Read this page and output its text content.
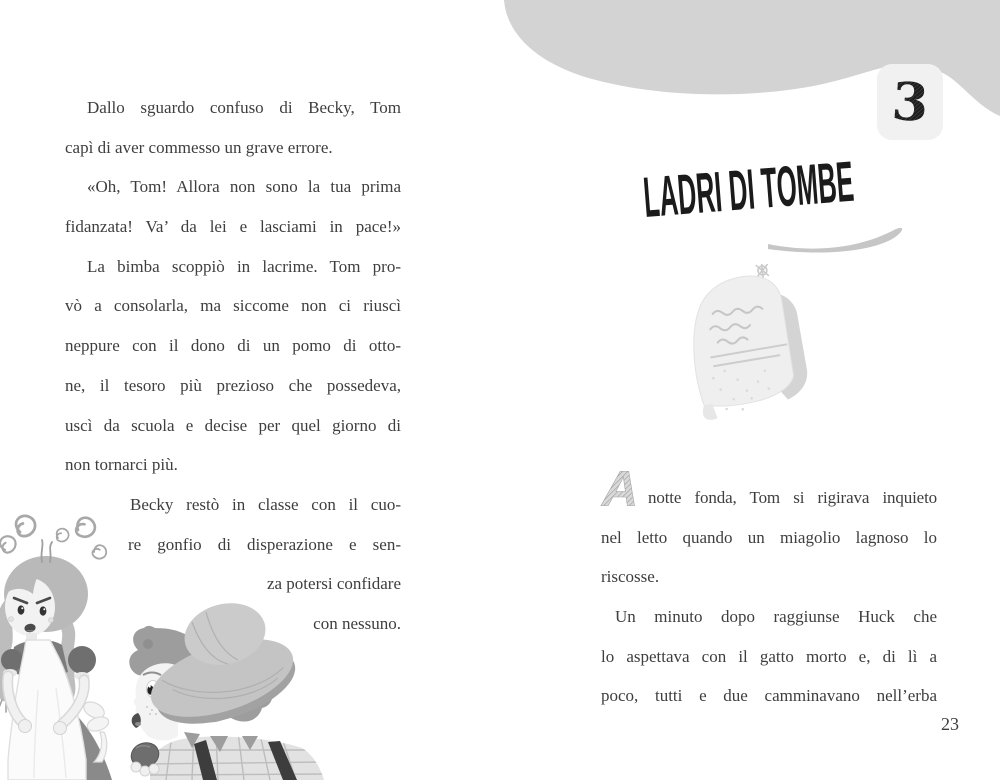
3
LADRI DI TOMBE
Dallo sguardo confuso di Becky, Tom
capì di aver commesso un grave errore.
«Oh, Tom! Allora non sono la tua prima
fidanzata! Va’ da lei e lasciami in pace!»
La bimba scoppiò in lacrime. Tom pro-
vò a consolarla, ma siccome non ci riuscì
neppure con il dono di un pomo di otto-
ne, il tesoro più prezioso che possedeva,
uscì da scuola e decise per quel giorno di
non tornarci più.
Becky restò in classe con il cuo-
re gonfio di disperazione e sen-
za potersi confidare
con nessuno.
A notte fonda, Tom si rigirava inquieto
nel letto quando un miagolio lagnoso lo
riscosse.
Un minuto dopo raggiunse Huck che
lo aspettava con il gatto morto e, di lì a
poco, tutti e due camminavano nell’erba
23
